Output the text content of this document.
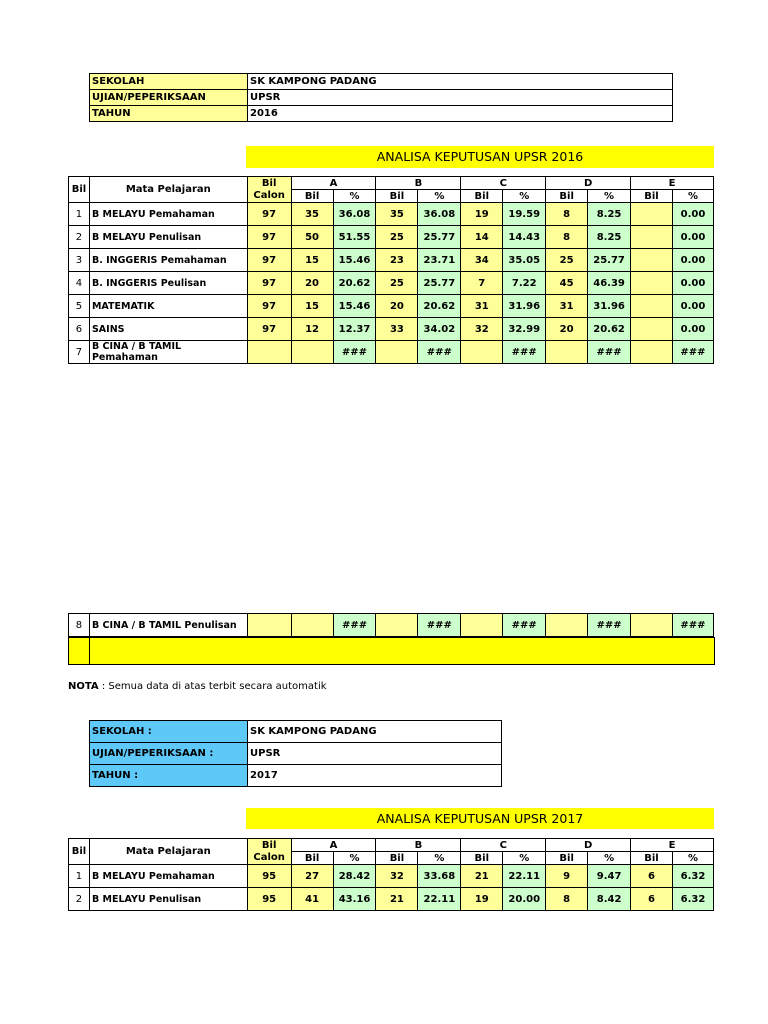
SEKOLAH	SK KAMPONG PADANG
UJIAN/PEPERIKSAAN	UPSR
TAHUN	2016
ANALISA KEPUTUSAN UPSR 2016
Bil	Mata Pelajaran	Bil Calon	A		B		C		D		E	
			Bil	%	Bil	%	Bil	%	Bil	%	Bil	%
1	B MELAYU Pemahaman	97	35	36.08	35	36.08	19	19.59	8	8.25		0.00
2	B MELAYU Penulisan	97	50	51.55	25	25.77	14	14.43	8	8.25		0.00
3	B. INGGERIS Pemahaman	97	15	15.46	23	23.71	34	35.05	25	25.77		0.00
4	B. INGGERIS Peulisan	97	20	20.62	25	25.77	7	7.22	45	46.39		0.00
5	MATEMATIK	97	15	15.46	20	20.62	31	31.96	31	31.96		0.00
6	SAINS	97	12	12.37	33	34.02	32	32.99	20	20.62		0.00
7	B CINA / B TAMIL Pemahaman			###		###		###		###		###
8	B CINA / B TAMIL Penulisan			###		###		###		###		###
NOTA : Semua data di atas terbit secara automatik
SEKOLAH :	SK KAMPONG PADANG
UJIAN/PEPERIKSAAN :	UPSR
TAHUN :	2017
ANALISA KEPUTUSAN UPSR 2017
Bil	Mata Pelajaran	Bil Calon	A		B		C		D		E	
			Bil	%	Bil	%	Bil	%	Bil	%	Bil	%
1	B MELAYU Pemahaman	95	27	28.42	32	33.68	21	22.11	9	9.47	6	6.32
2	B MELAYU Penulisan	95	41	43.16	21	22.11	19	20.00	8	8.42	6	6.32
